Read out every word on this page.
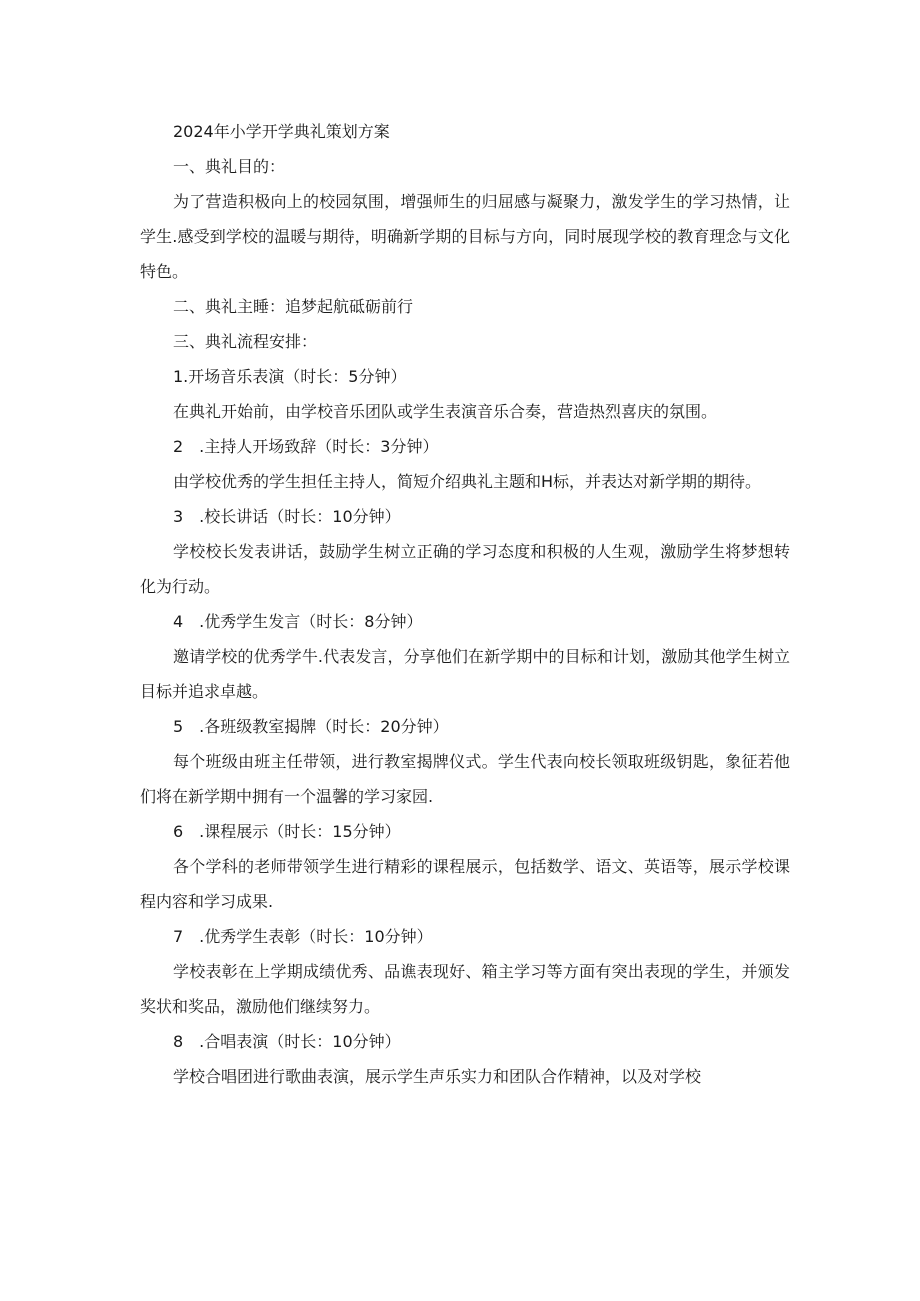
2024年小学开学典礼策划方案
一、典礼目的：
为了营造积极向上的校园氛围，增强师生的归屈感与凝聚力，激发学生的学习热情，让学生.感受到学校的温暖与期待，明确新学期的目标与方向，同时展现学校的教育理念与文化特色。
二、典礼主睡：追梦起航砥砺前行
三、典礼流程安排：
1.开场音乐表演（时长：5分钟）
在典礼开始前，由学校音乐团队或学生表演音乐合奏，营造热烈喜庆的氛围。
2　.主持人开场致辞（时长：3分钟）
由学校优秀的学生担任主持人，简短介绍典礼主题和H标，并表达对新学期的期待。
3　.校长讲话（时长：10分钟）
学校校长发表讲话，鼓励学生树立正确的学习态度和积极的人生观，激励学生将梦想转化为行动。
4　.优秀学生发言（时长：8分钟）
邀请学校的优秀学牛.代表发言，分享他们在新学期中的目标和计划，激励其他学生树立目标并追求卓越。
5　.各班级教室揭牌（时长：20分钟）
每个班级由班主任带领，进行教室揭牌仪式。学生代表向校长领取班级钥匙，象征若他们将在新学期中拥有一个温馨的学习家园.
6　.课程展示（时长：15分钟）
各个学科的老师带领学生进行精彩的课程展示，包括数学、语文、英语等，展示学校课程内容和学习成果.
7　.优秀学生表彰（时长：10分钟）
学校表彰在上学期成绩优秀、品谯表现好、箱主学习等方面有突出表现的学生，并颁发奖状和奖品，激励他们继续努力。
8　.合唱表演（时长：10分钟）
学校合唱团进行歌曲表演，展示学生声乐实力和团队合作精神，以及对学校
